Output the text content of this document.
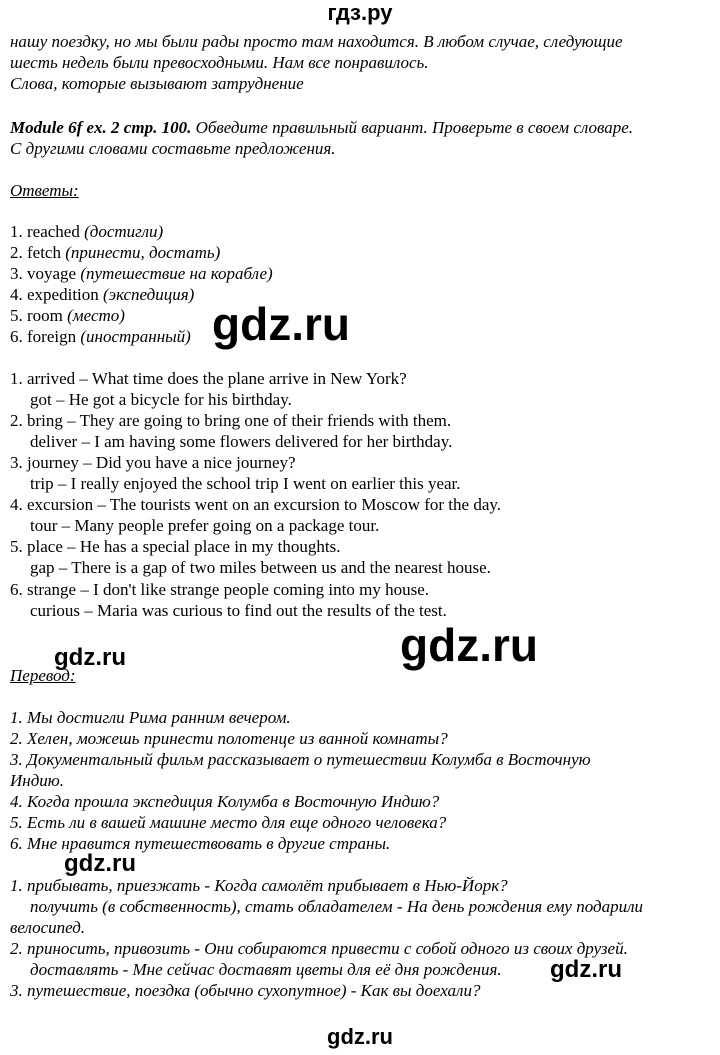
гдз.ру
нашу поездку, но мы были рады просто там находится. В любом случае, следующие
шесть недель были превосходными. Нам все понравилось.
Слова, которые вызывают затруднение
Module 6f ex. 2 стр. 100. Обведите правильный вариант. Проверьте в своем словаре.
С другими словами составьте предложения.
Ответы:
1. reached (достигли)
2. fetch (принести, достать)
3. voyage (путешествие на корабле)
4. expedition (экспедиция)
5. room (место)
6. foreign (иностранный) gdz.ru
1. arrived – What time does the plane arrive in New York?
got – He got a bicycle for his birthday.
2. bring – They are going to bring one of their friends with them.
deliver – I am having some flowers delivered for her birthday.
3. journey – Did you have a nice journey?
trip – I really enjoyed the school trip I went on earlier this year.
4. excursion – The tourists went on an excursion to Moscow for the day.
tour – Many people prefer going on a package tour.
5. place – He has a special place in my thoughts.
gap – There is a gap of two miles between us and the nearest house.
6. strange – I don't like strange people coming into my house.
curious – Maria was curious to find out the results of the test.
gdz.ru
gdz.ru
Перевод:
1. Мы достигли Рима ранним вечером.
2. Хелен, можешь принести полотенце из ванной комнаты?
3. Документальный фильм рассказывает о путешествии Колумба в Восточную
Индию.
4. Когда прошла экспедиция Колумба в Восточную Индию?
5. Есть ли в вашей машине место для еще одного человека?
6. Мне нравится путешествовать в другие страны.
gdz.ru
1. прибывать, приезжать - Когда самолёт прибывает в Нью-Йорк?
получить (в собственность), стать обладателем - На день рождения ему подарили
велосипед.
2. приносить, привозить - Они собираются привести с собой одного из своих друзей.
доставлять - Мне сейчас доставят цветы для её дня рождения.
3. путешествие, поездка (обычно сухопутное) - Как вы доехали?
gdz.ru
gdz.ru
